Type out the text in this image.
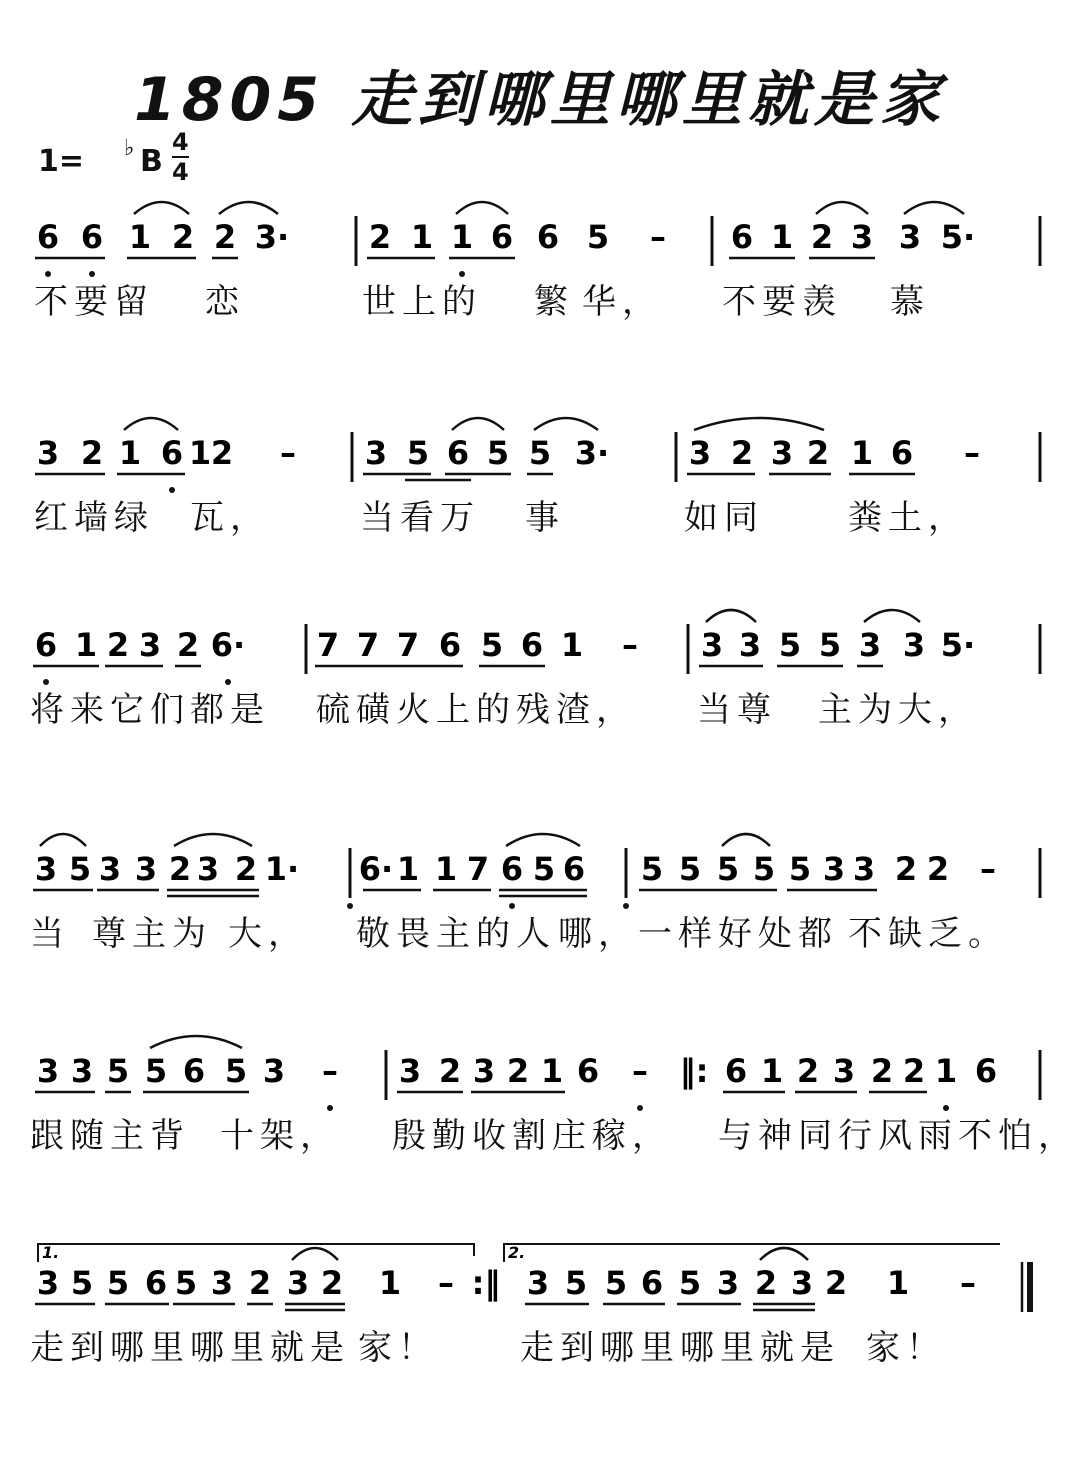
1805 走到哪里哪里就是家
1= ♭ B
4
4
6 6 1 2 2 3· 2 1 1 6 6 5 – 6 1 2 3 3 5·
不要留 恋	世上的 繁 华， 不要羡 慕
3 2 1 6 1 2 – 3 5 6 5 5 3· 3 2 3 2 1 6 –
红墙绿 瓦，	当看万 事	如同 粪土，
6 1 2 3 2 6· 7 7 7 6 5 6 1 – 3 3 5 5 3 3 5·
将来它们都是 硫磺火上的残渣， 当尊 主为大，
3 5 3 3 2 3 2 1· 6· 1 1 7 6 5 6 5 5 5 5 5 3 3 2 2 –
当 尊主为 大， 敬畏主的人 哪，一样好处都 不缺乏。
3 3 5 5 6 5 3 – 3 2 3 2 1 6 – ‖: 6 1 2 3 2 2 1 6
跟随主背 十架， 殷勤收割庄稼， 与神同行风雨不怕，
3 5 5 6 5 3 2 3 2 1 – :‖ 3 5 5 6 5 3 2 3 2 1 –
1.	2.
走到哪里哪里就是 家！ 走到哪里哪里就是 家！
